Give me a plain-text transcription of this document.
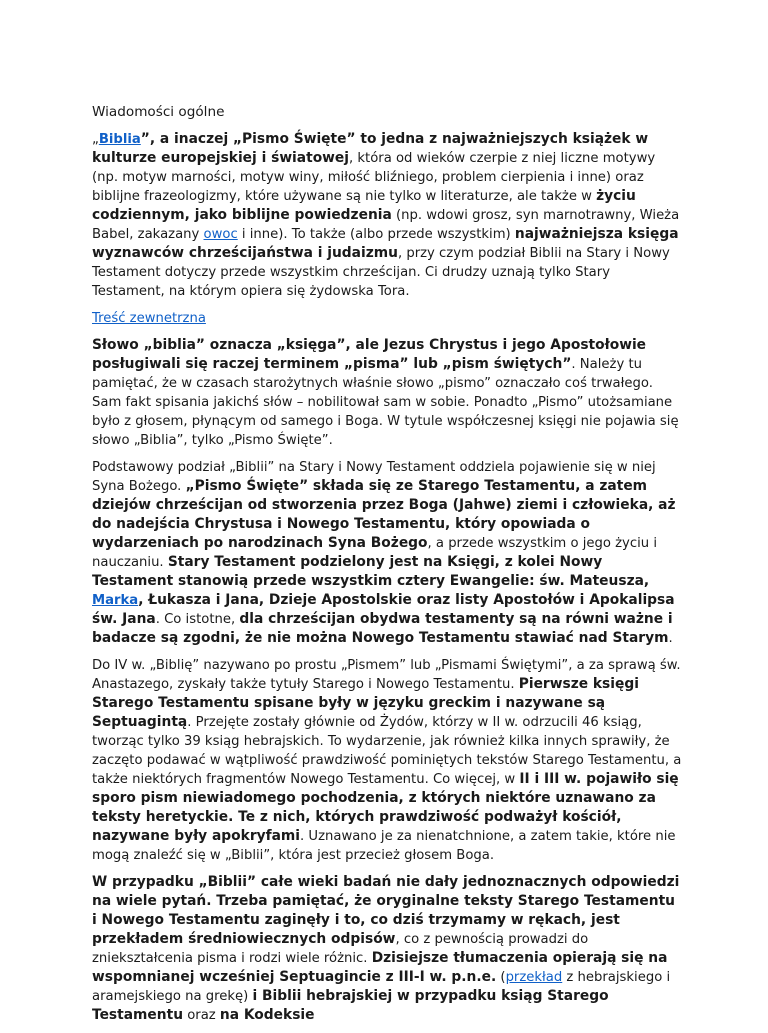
Wiadomości ogólne

„Biblia”, a inaczej „Pismo Święte” to jedna z najważniejszych książek w kulturze europejskiej i światowej, która od wieków czerpie z niej liczne motywy (np. motyw marności, motyw winy, miłość bliźniego, problem cierpienia i inne) oraz biblijne frazeologizmy, które używane są nie tylko w literaturze, ale także w życiu codziennym, jako biblijne powiedzenia (np. wdowi grosz, syn marnotrawny, Wieża Babel, zakazany owoc i inne). To także (albo przede wszystkim) najważniejsza księga wyznawców chrześcijaństwa i judaizmu, przy czym podział Biblii na Stary i Nowy Testament dotyczy przede wszystkim chrześcijan. Ci drudzy uznają tylko Stary Testament, na którym opiera się żydowska Tora.

Treść zewnetrzna

Słowo „biblia” oznacza „księga”, ale Jezus Chrystus i jego Apostołowie posługiwali się raczej terminem „pisma” lub „pism świętych”. Należy tu pamiętać, że w czasach starożytnych właśnie słowo „pismo” oznaczało coś trwałego. Sam fakt spisania jakichś słów – nobilitował sam w sobie. Ponadto „Pismo” utożsamiane było z głosem, płynącym od samego i Boga. W tytule współczesnej księgi nie pojawia się słowo „Biblia”, tylko „Pismo Święte”.

Podstawowy podział „Biblii” na Stary i Nowy Testament oddziela pojawienie się w niej Syna Bożego. „Pismo Święte” składa się ze Starego Testamentu, a zatem dziejów chrześcijan od stworzenia przez Boga (Jahwe) ziemi i człowieka, aż do nadejścia Chrystusa i Nowego Testamentu, który opowiada o wydarzeniach po narodzinach Syna Bożego, a przede wszystkim o jego życiu i nauczaniu. Stary Testament podzielony jest na Księgi, z kolei Nowy Testament stanowią przede wszystkim cztery Ewangelie: św. Mateusza, Marka, Łukasza i Jana, Dzieje Apostolskie oraz listy Apostołów i Apokalipsa św. Jana. Co istotne, dla chrześcijan obydwa testamenty są na równi ważne i badacze są zgodni, że nie można Nowego Testamentu stawiać nad Starym.

Do IV w. „Biblię” nazywano po prostu „Pismem” lub „Pismami Świętymi”, a za sprawą św. Anastazego, zyskały także tytuły Starego i Nowego Testamentu. Pierwsze księgi Starego Testamentu spisane były w języku greckim i nazywane są Septuagintą. Przejęte zostały głównie od Żydów, którzy w II w. odrzucili 46 ksiąg, tworząc tylko 39 ksiąg hebrajskich. To wydarzenie, jak również kilka innych sprawiły, że zaczęto podawać w wątpliwość prawdziwość pominiętych tekstów Starego Testamentu, a także niektórych fragmentów Nowego Testamentu. Co więcej, w II i III w. pojawiło się sporo pism niewiadomego pochodzenia, z których niektóre uznawano za teksty heretyckie. Te z nich, których prawdziwość podważył kościół, nazywane były apokryfami. Uznawano je za nienatchnione, a zatem takie, które nie mogą znaleźć się w „Biblii”, która jest przecież głosem Boga.

W przypadku „Biblii” całe wieki badań nie dały jednoznacznych odpowiedzi na wiele pytań. Trzeba pamiętać, że oryginalne teksty Starego Testamentu i Nowego Testamentu zaginęły i to, co dziś trzymamy w rękach, jest przekładem średniowiecznych odpisów, co z pewnością prowadzi do zniekształcenia pisma i rodzi wiele różnic. Dzisiejsze tłumaczenia opierają się na wspomnianej wcześniej Septuagincie z III-I w. p.n.e. (przekład z hebrajskiego i aramejskiego na grekę) i Biblii hebrajskiej w przypadku ksiąg Starego Testamentu oraz na Kodeksie
